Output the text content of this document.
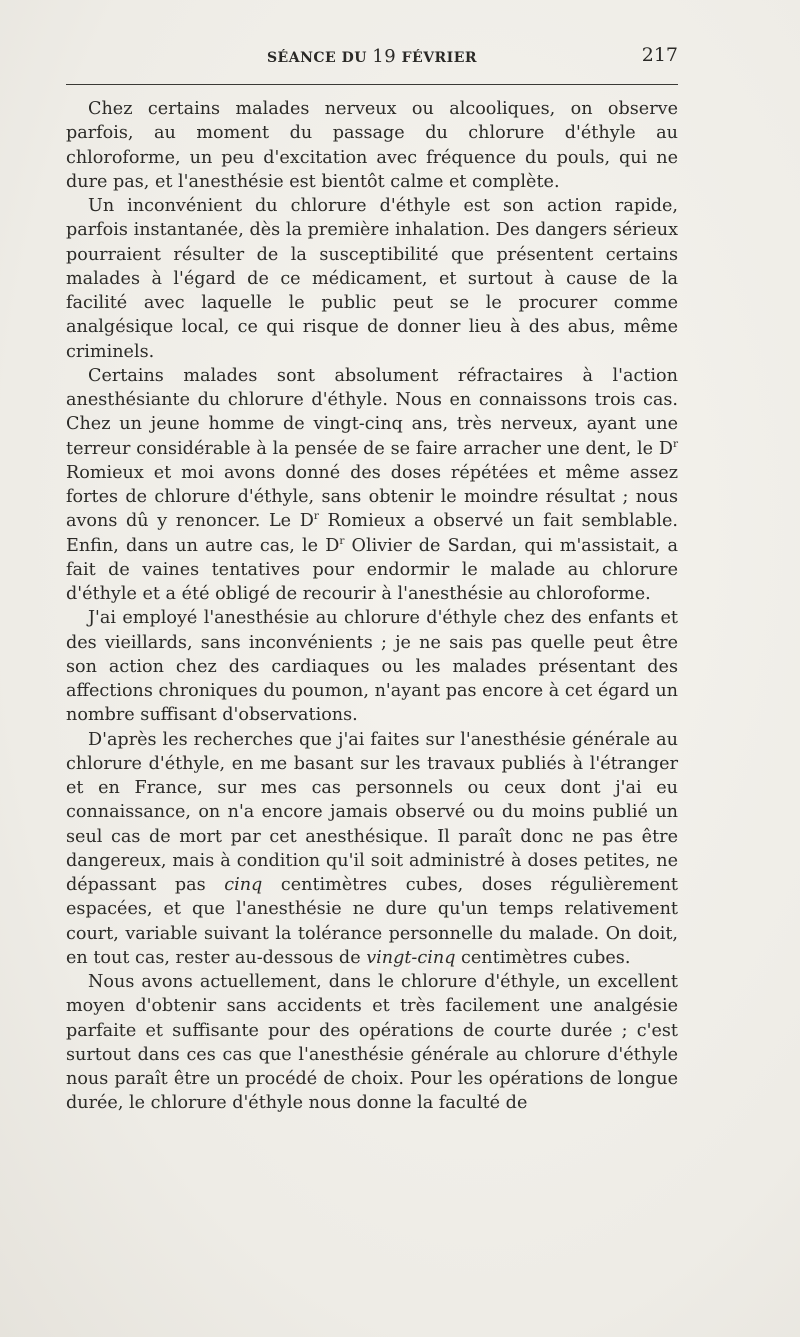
SÉANCE DU 19 FÉVRIER	217

Chez certains malades nerveux ou alcooliques, on observe parfois, au moment du passage du chlorure d'éthyle au chloroforme, un peu d'excitation avec fréquence du pouls, qui ne dure pas, et l'anesthésie est bientôt calme et complète.

Un inconvénient du chlorure d'éthyle est son action rapide, parfois instantanée, dès la première inhalation. Des dangers sérieux pourraient résulter de la susceptibilité que présentent certains malades à l'égard de ce médicament, et surtout à cause de la facilité avec laquelle le public peut se le procurer comme analgésique local, ce qui risque de donner lieu à des abus, même criminels.

Certains malades sont absolument réfractaires à l'action anesthésiante du chlorure d'éthyle. Nous en connaissons trois cas. Chez un jeune homme de vingt-cinq ans, très nerveux, ayant une terreur considérable à la pensée de se faire arracher une dent, le $D^r$ Romieux et moi avons donné des doses répétées et même assez fortes de chlorure d'éthyle, sans obtenir le moindre résultat ; nous avons dû y renoncer. Le $D^r$ Romieux a observé un fait semblable. Enfin, dans un autre cas, le $D^r$ Olivier de Sardan, qui m'assistait, a fait de vaines tentatives pour endormir le malade au chlorure d'éthyle et a été obligé de recourir à l'anesthésie au chloroforme.

J'ai employé l'anesthésie au chlorure d'éthyle chez des enfants et des vieillards, sans inconvénients ; je ne sais pas quelle peut être son action chez des cardiaques ou les malades présentant des affections chroniques du poumon, n'ayant pas encore à cet égard un nombre suffisant d'observations.

D'après les recherches que j'ai faites sur l'anesthésie générale au chlorure d'éthyle, en me basant sur les travaux publiés à l'étranger et en France, sur mes cas personnels ou ceux dont j'ai eu connaissance, on n'a encore jamais observé ou du moins publié un seul cas de mort par cet anesthésique. Il paraît donc ne pas être dangereux, mais à condition qu'il soit administré à doses petites, ne dépassant pas cinq centimètres cubes, doses régulièrement espacées, et que l'anesthésie ne dure qu'un temps relativement court, variable suivant la tolérance personnelle du malade. On doit, en tout cas, rester au-dessous de vingt-cinq centimètres cubes.

Nous avons actuellement, dans le chlorure d'éthyle, un excellent moyen d'obtenir sans accidents et très facilement une analgésie parfaite et suffisante pour des opérations de courte durée ; c'est surtout dans ces cas que l'anesthésie générale au chlorure d'éthyle nous paraît être un procédé de choix. Pour les opérations de longue durée, le chlorure d'éthyle nous donne la faculté de
